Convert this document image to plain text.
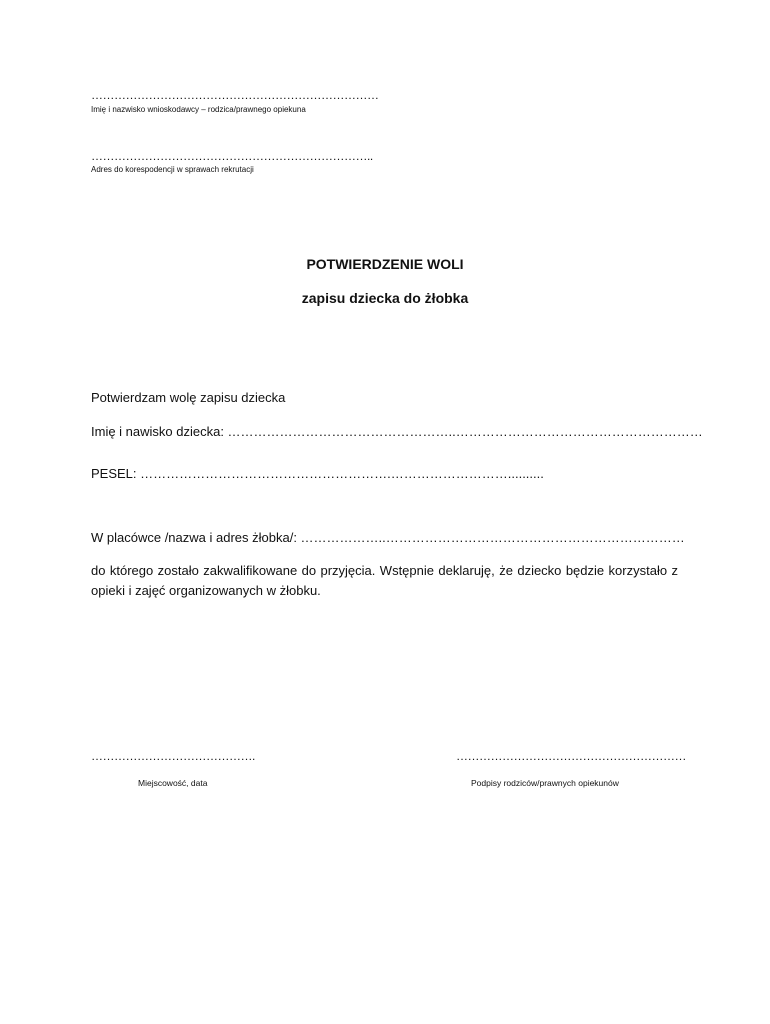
…………………………………………………………………
Imię i nazwisko wnioskodawcy – rodzica/prawnego opiekuna
………………………………………………………………..
Adres do korespodencji w sprawach rekrutacji
POTWIERDZENIE WOLI
zapisu dziecka do żłobka
Potwierdzam wolę zapisu dziecka
Imię i nawisko dziecka: ……………………………………………..…………………………………………………
PESEL: ………………………………………………….………………………..........
W placówce /nazwa i adres żłobka/: ………………..……………………………………………………………
do którego zostało zakwalifikowane do przyjęcia. Wstępnie deklaruję, że dziecko będzie korzystało z opieki i zajęć organizowanych w żłobku.
…………………………………….
Miejscowość, data
……………………………………………………
Podpisy rodziców/prawnych opiekunów
